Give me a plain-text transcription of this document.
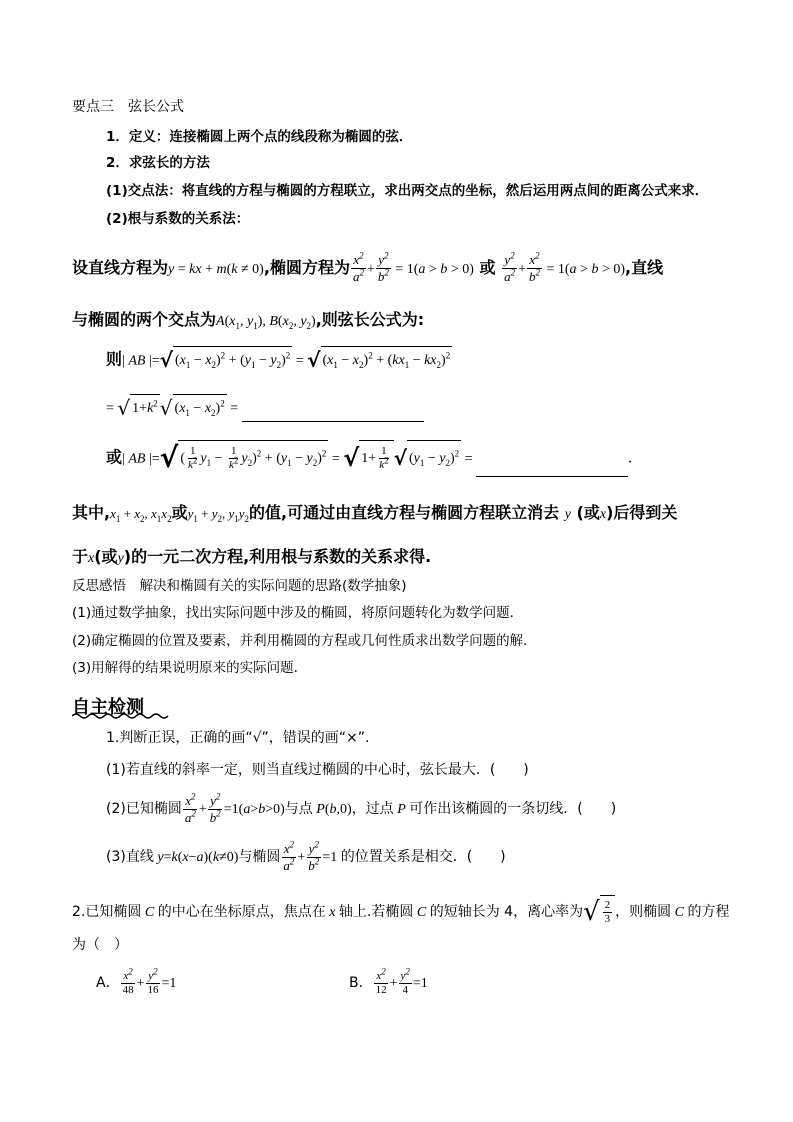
要点三　弦长公式
1．定义：连接椭圆上两个点的线段称为椭圆的弦．
2．求弦长的方法
(1)交点法：将直线的方程与椭圆的方程联立，求出两交点的坐标，然后运用两点间的距离公式来求．
(2)根与系数的关系法：
设直线方程为y = kx + m(k ≠ 0),椭圆方程为 $\frac{x^2}{a^2} + \frac{y^2}{b^2} = 1(a > b > 0)$ 或 $\frac{y^2}{a^2} + \frac{x^2}{b^2} = 1(a > b > 0)$,直线
与椭圆的两个交点为$A(x_1$, $y_1$), $B(x_2$, $y_2$),则弦长公式为:
则| AB |=√ $(x_1 - x_2)^2 + (y_1 - y_2)^2$ = √ $(x_1 - x_2)^2 + (kx_1 - kx_2)^2$
= √ $1+k^2$ √ $(x_1 - x_2)^2$ =
或| AB |=√ ( $\frac{1}{k^2} y_1 - \frac{1}{k^2} y_2)^2 + (y_1 - y_2)^2$ = √ $1+ \frac{1}{k^2}$ √ $(y_1 - y_2)^2$ =	.
其中$,x_1 + x_2$, $x_1x_2$或$y_1 + y_2$, $y_1y_2$的值,可通过由直线方程与椭圆方程联立消去 y (或x)后得到关
于x(或y)的一元二次方程,利用根与系数的关系求得.
反思感悟　解决和椭圆有关的实际问题的思路(数学抽象)
(1)通过数学抽象，找出实际问题中涉及的椭圆，将原问题转化为数学问题．
(2)确定椭圆的位置及要素，并利用椭圆的方程或几何性质求出数学问题的解．
(3)用解得的结果说明原来的实际问题．
自主检测
1.判断正误，正确的画“√”，错误的画“×”.
(1)若直线的斜率一定，则当直线过椭圆的中心时，弦长最大．(　　)
(2)已知椭圆 $\frac{x^2}{a^2} + \frac{y^2}{b^2} =1(a>b>0)$与点 P(b,0)，过点 P 可作出该椭圆的一条切线．(　　)
(3)直线 y=k(x−a)(k≠0)与椭圆 $\frac{x^2}{a^2} + \frac{y^2}{b^2} =1$ 的位置关系是相交．(　　)
2.已知椭圆 C 的中心在坐标原点，焦点在 x 轴上.若椭圆 C 的短轴长为 4，离心率为√ $\frac{2}{3}$ ，则椭圆 C 的方程
为（　）
A． $\frac{x^2}{48} + \frac{y^2}{16} =1$	B． $\frac{x^2}{12} + \frac{y^2}{4} =1$
